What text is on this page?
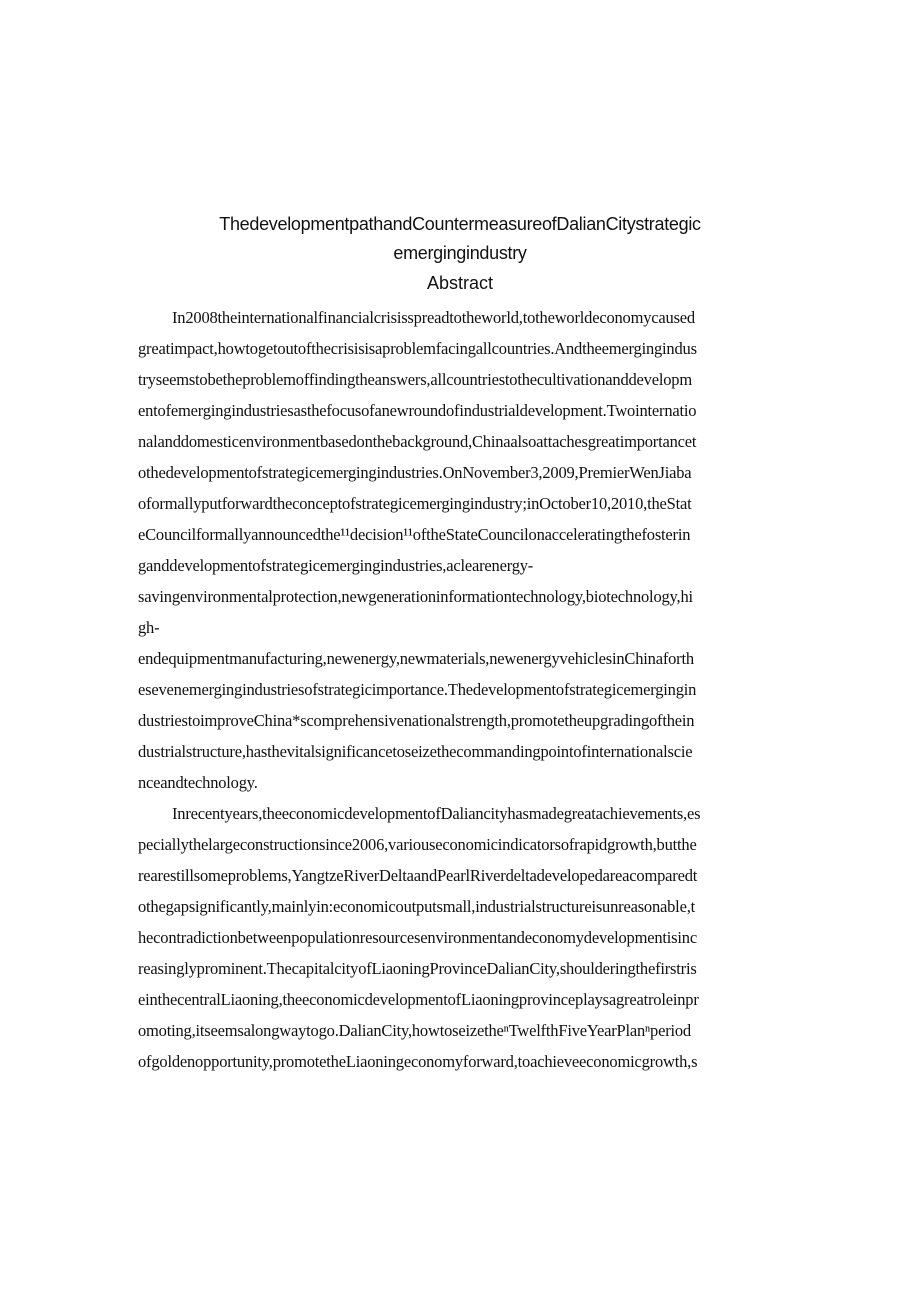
ThedevelopmentpathandCountermeasureofDalianCitystrategic
emergingindustry
Abstract
In2008theinternationalfinancialcrisisspreadtotheworld,totheworldeconomycaused
greatimpact,howtogetoutofthecrisisisaproblemfacingallcountries.Andtheemergingindus
tryseemstobetheproblemoffindingtheanswers,allcountriestothecultivationanddevelopm
entofemergingindustriesasthefocusofanewroundofindustrialdevelopment.Twointernatio
nalanddomesticenvironmentbasedonthebackground,Chinaalsoattachesgreatimportancet
othedevelopmentofstrategicemergingindustries.OnNovember3,2009,PremierWenJiaba
oformallyputforwardtheconceptofstrategicemergingindustry;inOctober10,2010,theStat
eCouncilformallyannouncedthe¹¹decision¹¹oftheStateCouncilonacceleratingthefosterin
ganddevelopmentofstrategicemergingindustries,aclearenergy-
savingenvironmentalprotection,newgenerationinformationtechnology,biotechnology,hi
gh-
endequipmentmanufacturing,newenergy,newmaterials,newenergyvehiclesinChinaforth
esevenemergingindustriesofstrategicimportance.Thedevelopmentofstrategicemergingin
dustriestoimproveChina*scomprehensivenationalstrength,promotetheupgradingofthein
dustrialstructure,hasthevitalsignificancetoseizethecommandingpointofinternationalscie
nceandtechnology.
Inrecentyears,theeconomicdevelopmentofDaliancityhasmadegreatachievements,es
peciallythelargeconstructionsince2006,variouseconomicindicatorsofrapidgrowth,butthe
rearestillsomeproblems,YangtzeRiverDeltaandPearlRiverdeltadevelopedareacomparedt
othegapsignificantly,mainlyin:economicoutputsmall,industrialstructureisunreasonable,t
hecontradictionbetweenpopulationresourcesenvironmentandeconomydevelopmentisinc
reasinglyprominent.ThecapitalcityofLiaoningProvinceDalianCity,shoulderingthefirstris
einthecentralLiaoning,theeconomicdevelopmentofLiaoningprovinceplaysagreatroleinpr
omoting,itseemsalongwaytogo.DalianCity,howtoseizetheⁿTwelfthFiveYearPlanⁿperiod
ofgoldenopportunity,promotetheLiaoningeconomyforward,toachieveeconomicgrowth,s
